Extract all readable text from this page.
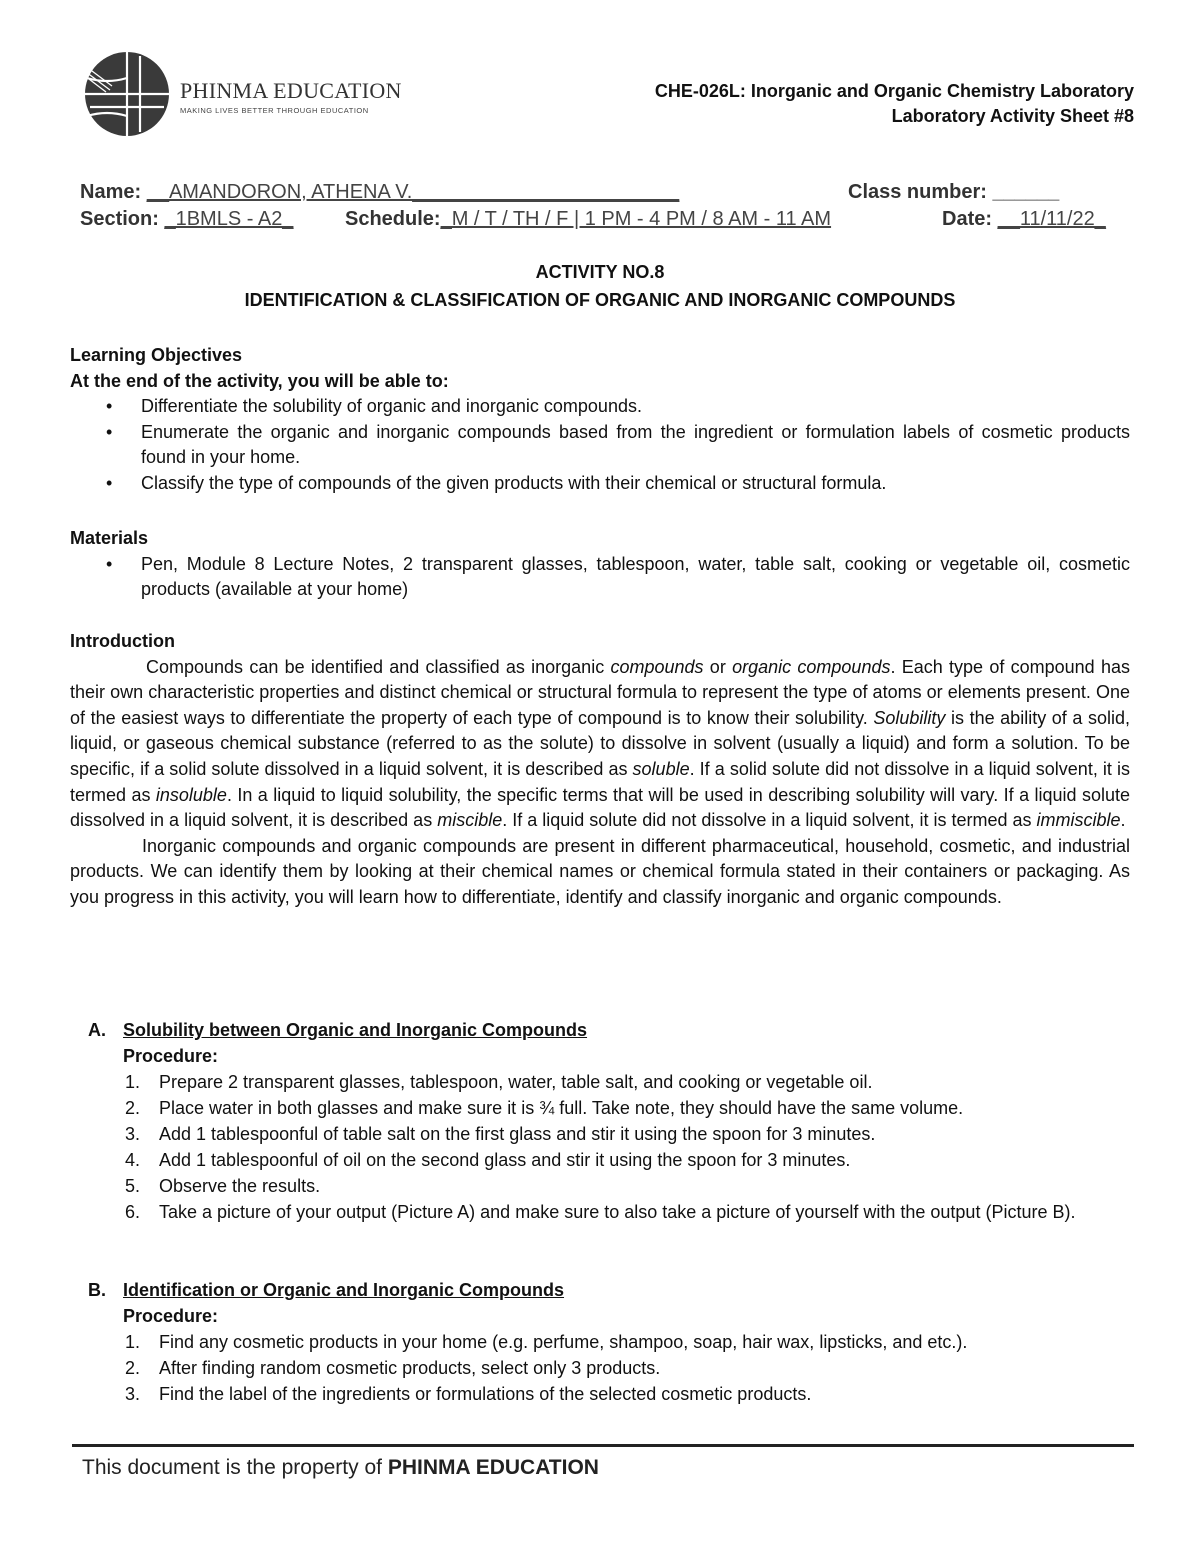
PHINMA EDUCATION
MAKING LIVES BETTER THROUGH EDUCATION
CHE-026L: Inorganic and Organic Chemistry Laboratory
Laboratory Activity Sheet #8
Name: __AMANDORON, ATHENA V.________________________	Class number: ______
Section: _1BMLS - A2_	Schedule:_M / T / TH / F | 1 PM - 4 PM / 8 AM - 11 AM	Date: __11/11/22_
ACTIVITY NO.8
IDENTIFICATION & CLASSIFICATION OF ORGANIC AND INORGANIC COMPOUNDS
Learning Objectives
At the end of the activity, you will be able to:
• Differentiate the solubility of organic and inorganic compounds.
• Enumerate the organic and inorganic compounds based from the ingredient or formulation labels of cosmetic products found in your home.
• Classify the type of compounds of the given products with their chemical or structural formula.
Materials
• Pen, Module 8 Lecture Notes, 2 transparent glasses, tablespoon, water, table salt, cooking or vegetable oil, cosmetic products (available at your home)
Introduction
Compounds can be identified and classified as inorganic compounds or organic compounds. Each type of compound has their own characteristic properties and distinct chemical or structural formula to represent the type of atoms or elements present. One of the easiest ways to differentiate the property of each type of compound is to know their solubility. Solubility is the ability of a solid, liquid, or gaseous chemical substance (referred to as the solute) to dissolve in solvent (usually a liquid) and form a solution. To be specific, if a solid solute dissolved in a liquid solvent, it is described as soluble. If a solid solute did not dissolve in a liquid solvent, it is termed as insoluble. In a liquid to liquid solubility, the specific terms that will be used in describing solubility will vary. If a liquid solute dissolved in a liquid solvent, it is described as miscible. If a liquid solute did not dissolve in a liquid solvent, it is termed as immiscible.
Inorganic compounds and organic compounds are present in different pharmaceutical, household, cosmetic, and industrial products. We can identify them by looking at their chemical names or chemical formula stated in their containers or packaging. As you progress in this activity, you will learn how to differentiate, identify and classify inorganic and organic compounds.
A. Solubility between Organic and Inorganic Compounds
Procedure:
1. Prepare 2 transparent glasses, tablespoon, water, table salt, and cooking or vegetable oil.
2. Place water in both glasses and make sure it is ¾ full. Take note, they should have the same volume.
3. Add 1 tablespoonful of table salt on the first glass and stir it using the spoon for 3 minutes.
4. Add 1 tablespoonful of oil on the second glass and stir it using the spoon for 3 minutes.
5. Observe the results.
6. Take a picture of your output (Picture A) and make sure to also take a picture of yourself with the output (Picture B).
B. Identification or Organic and Inorganic Compounds
Procedure:
1. Find any cosmetic products in your home (e.g. perfume, shampoo, soap, hair wax, lipsticks, and etc.).
2. After finding random cosmetic products, select only 3 products.
3. Find the label of the ingredients or formulations of the selected cosmetic products.
This document is the property of PHINMA EDUCATION
